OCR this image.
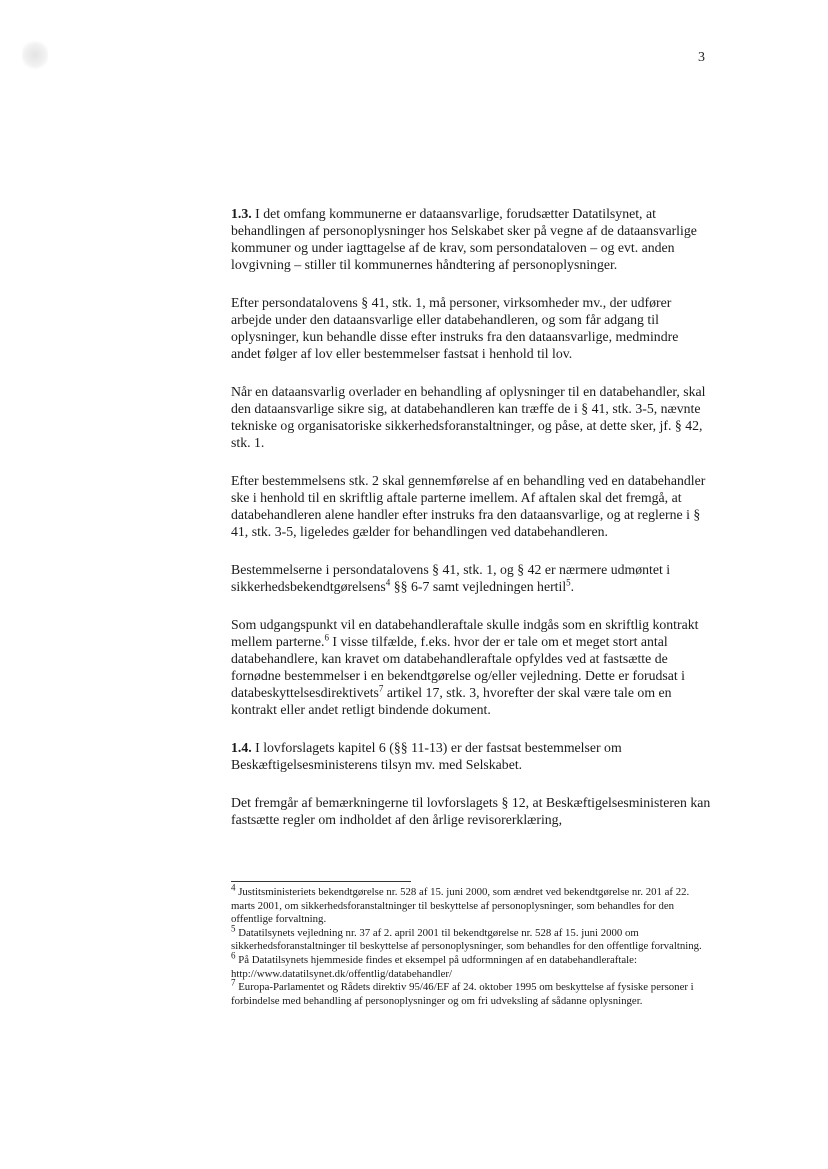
3

1.3. I det omfang kommunerne er dataansvarlige, forudsætter Datatilsynet, at behandlingen af personoplysninger hos Selskabet sker på vegne af de dataansvarlige kommuner og under iagttagelse af de krav, som persondataloven – og evt. anden lovgivning – stiller til kommunernes håndtering af personoplysninger.

Efter persondatalovens § 41, stk. 1, må personer, virksomheder mv., der udfører arbejde under den dataansvarlige eller databehandleren, og som får adgang til oplysninger, kun behandle disse efter instruks fra den dataansvarlige, medmindre andet følger af lov eller bestemmelser fastsat i henhold til lov.

Når en dataansvarlig overlader en behandling af oplysninger til en databehandler, skal den dataansvarlige sikre sig, at databehandleren kan træffe de i § 41, stk. 3-5, nævnte tekniske og organisatoriske sikkerhedsforanstaltninger, og påse, at dette sker, jf. § 42, stk. 1.

Efter bestemmelsens stk. 2 skal gennemførelse af en behandling ved en databehandler ske i henhold til en skriftlig aftale parterne imellem. Af aftalen skal det fremgå, at databehandleren alene handler efter instruks fra den dataansvarlige, og at reglerne i § 41, stk. 3-5, ligeledes gælder for behandlingen ved databehandleren.

Bestemmelserne i persondatalovens § 41, stk. 1, og § 42 er nærmere udmøntet i sikkerhedsbekendtgørelsens$^4$ §§ 6-7 samt vejledningen hertil$^5$.

Som udgangspunkt vil en databehandleraftale skulle indgås som en skriftlig kontrakt mellem parterne.$^6$ I visse tilfælde, f.eks. hvor der er tale om et meget stort antal databehandlere, kan kravet om databehandleraftale opfyldes ved at fastsætte de fornødne bestemmelser i en bekendtgørelse og/eller vejledning. Dette er forudsat i databeskyttelsesdirektivets$^7$ artikel 17, stk. 3, hvorefter der skal være tale om en kontrakt eller andet retligt bindende dokument.

1.4. I lovforslagets kapitel 6 (§§ 11-13) er der fastsat bestemmelser om Beskæftigelsesministerens tilsyn mv. med Selskabet.

Det fremgår af bemærkningerne til lovforslagets § 12, at Beskæftigelsesministeren kan fastsætte regler om indholdet af den årlige revisorerklæring,

$^4$ Justitsministeriets bekendtgørelse nr. 528 af 15. juni 2000, som ændret ved bekendtgørelse nr. 201 af 22. marts 2001, om sikkerhedsforanstaltninger til beskyttelse af personoplysninger, som behandles for den offentlige forvaltning.

$^5$ Datatilsynets vejledning nr. 37 af 2. april 2001 til bekendtgørelse nr. 528 af 15. juni 2000 om sikkerhedsforanstaltninger til beskyttelse af personoplysninger, som behandles for den offentlige forvaltning.

$^6$ På Datatilsynets hjemmeside findes et eksempel på udformningen af en databehandleraftale: http://www.datatilsynet.dk/offentlig/databehandler/

$^7$ Europa-Parlamentet og Rådets direktiv 95/46/EF af 24. oktober 1995 om beskyttelse af fysiske personer i forbindelse med behandling af personoplysninger og om fri udveksling af sådanne oplysninger.
